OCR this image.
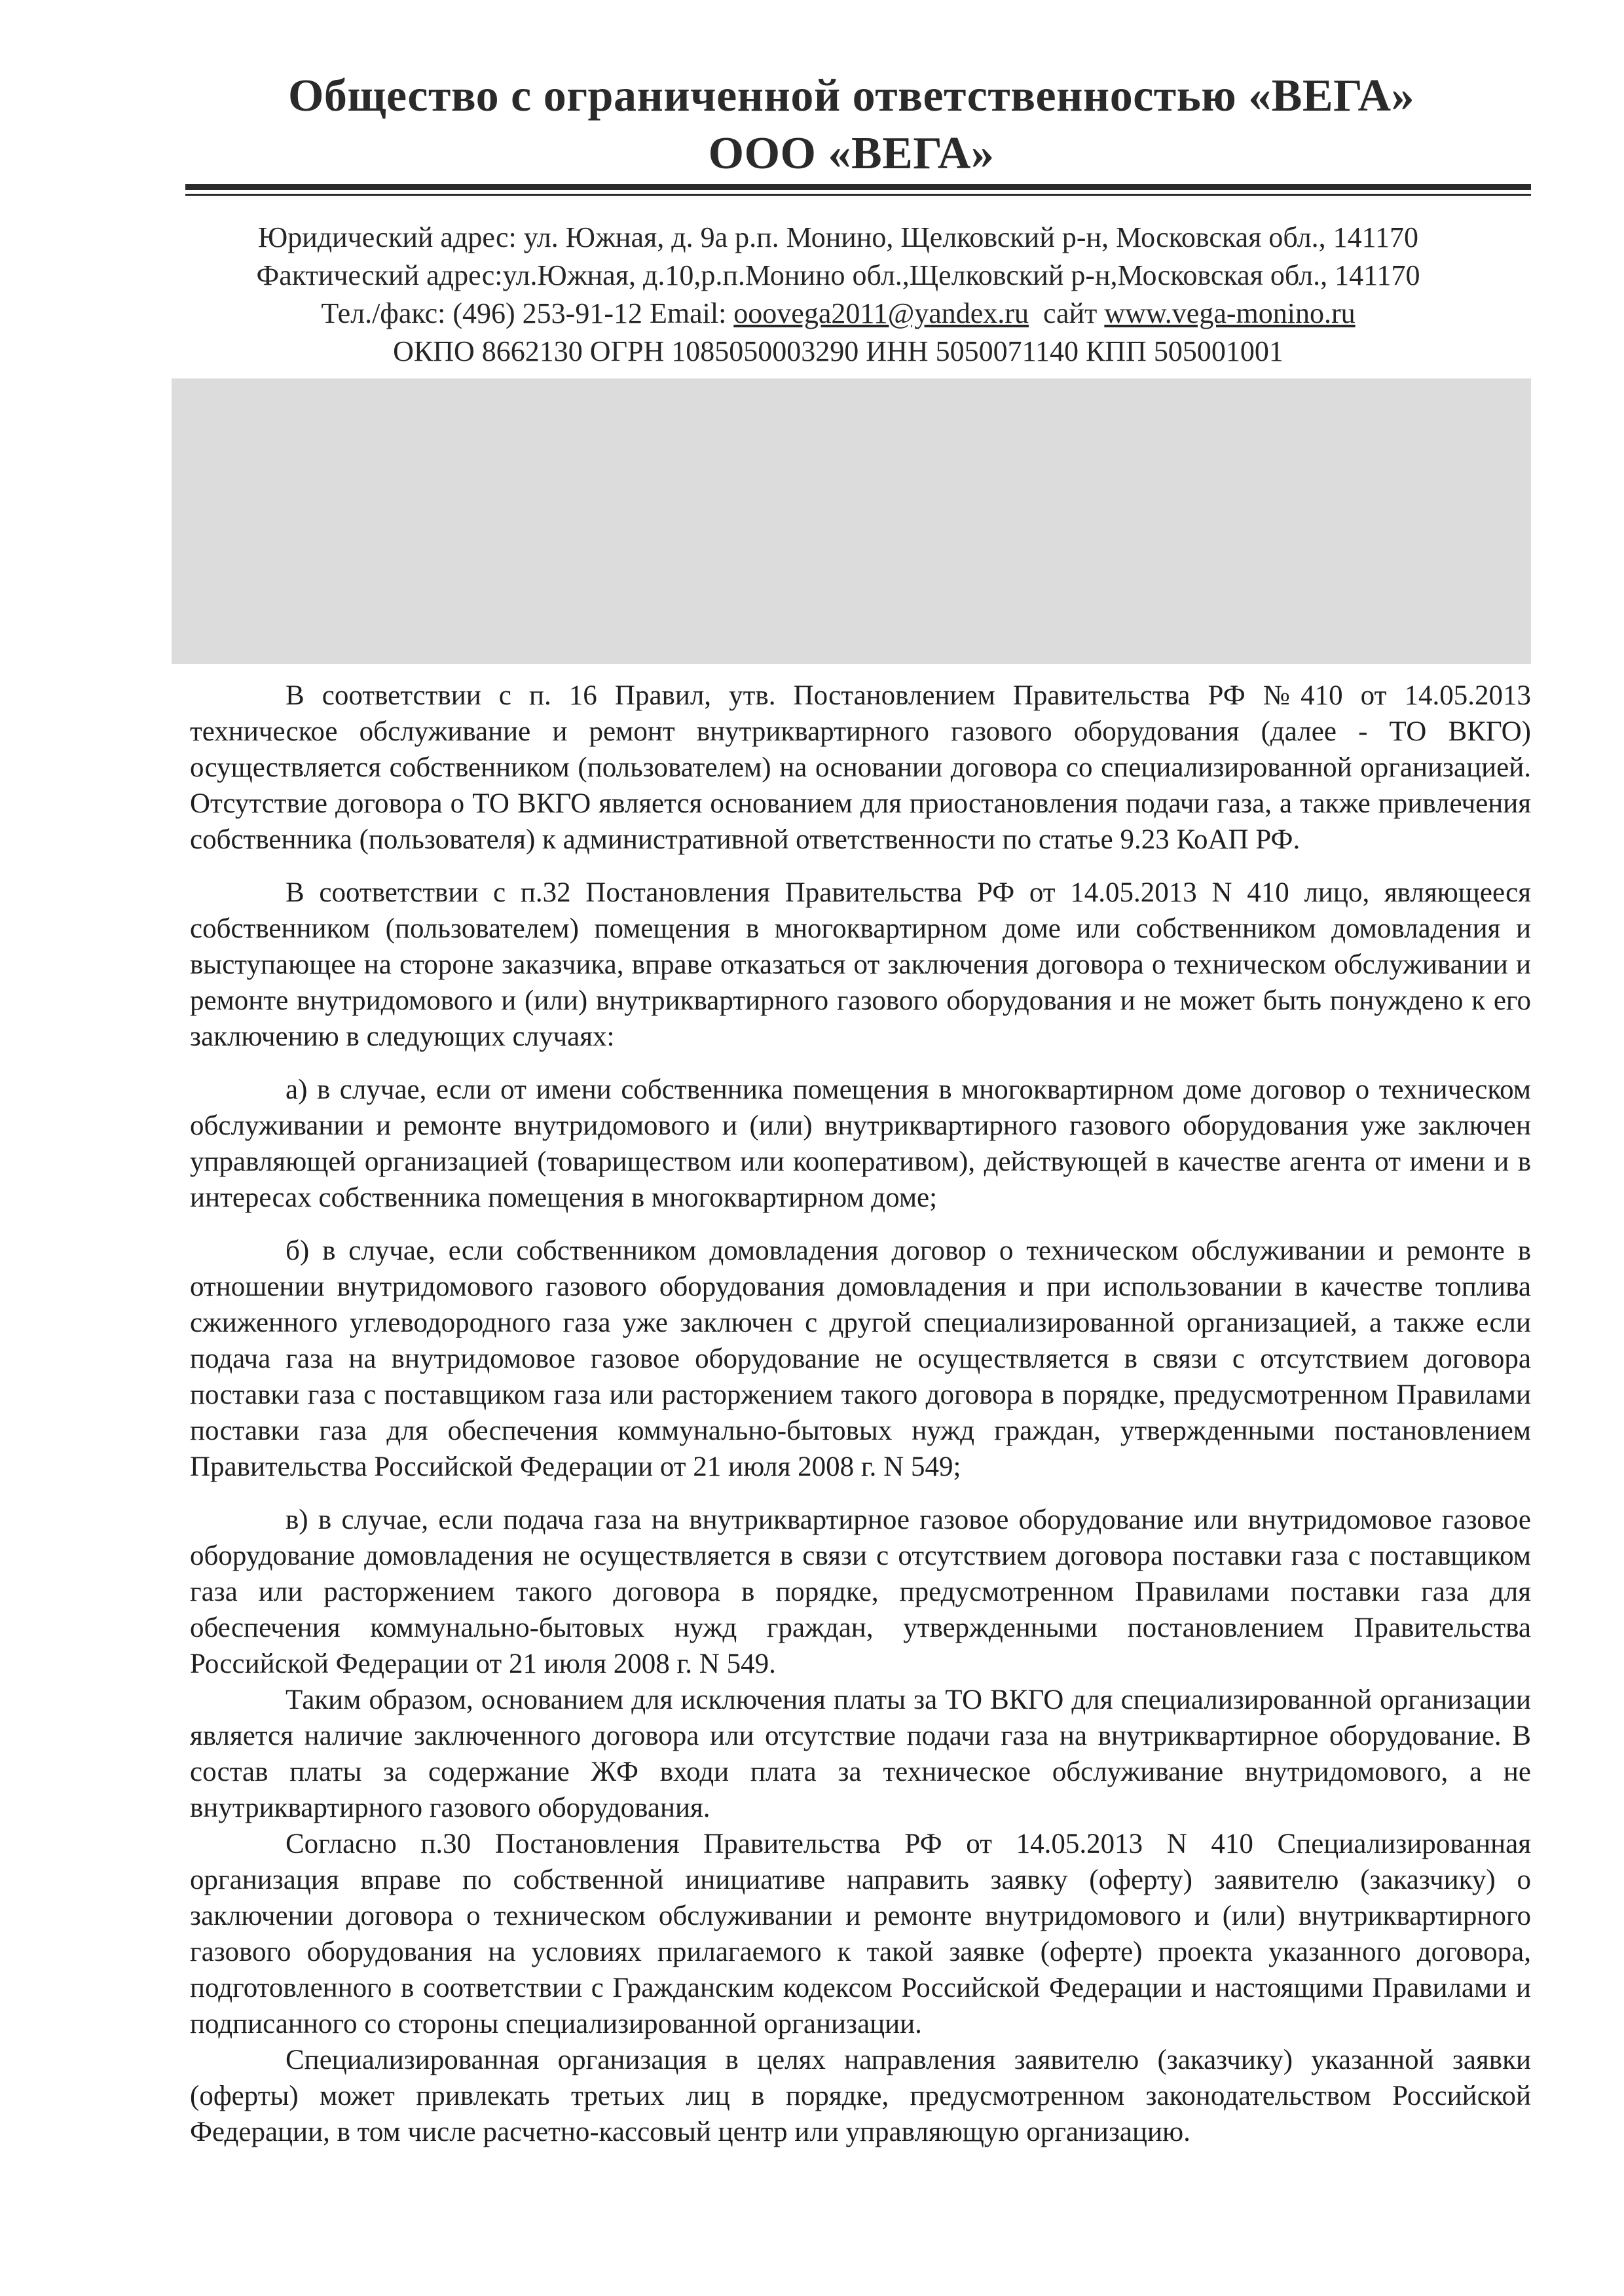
Общество с ограниченной ответственностью «ВЕГА»
ООО «ВЕГА»
Юридический адрес: ул. Южная, д. 9а р.п. Монино, Щелковский р-н, Московская обл., 141170
Фактический адрес:ул.Южная, д.10,р.п.Монино обл.,Щелковский р-н,Московская обл., 141170
Тел./факс: (496) 253-91-12 Email: ooovega2011@yandex.ru  сайт www.vega-monino.ru
ОКПО 8662130 ОГРН 1085050003290 ИНН 5050071140 КПП 505001001

В соответствии с п. 16 Правил, утв. Постановлением Правительства РФ №410 от 14.05.2013 техническое обслуживание и ремонт внутриквартирного газового оборудования (далее - ТО ВКГО) осуществляется собственником (пользователем) на основании договора со специализированной организацией. Отсутствие договора о ТО ВКГО является основанием для приостановления подачи газа, а также привлечения собственника (пользователя) к административной ответственности по статье 9.23 КоАП РФ.

В соответствии с п.32 Постановления Правительства РФ от 14.05.2013 N 410 лицо, являющееся собственником (пользователем) помещения в многоквартирном доме или собственником домовладения и выступающее на стороне заказчика, вправе отказаться от заключения договора о техническом обслуживании и ремонте внутридомового и (или) внутриквартирного газового оборудования и не может быть понуждено к его заключению в следующих случаях:

а) в случае, если от имени собственника помещения в многоквартирном доме договор о техническом обслуживании и ремонте внутридомового и (или) внутриквартирного газового оборудования уже заключен управляющей организацией (товариществом или кооперативом), действующей в качестве агента от имени и в интересах собственника помещения в многоквартирном доме;

б) в случае, если собственником домовладения договор о техническом обслуживании и ремонте в отношении внутридомового газового оборудования домовладения и при использовании в качестве топлива сжиженного углеводородного газа уже заключен с другой специализированной организацией, а также если подача газа на внутридомовое газовое оборудование не осуществляется в связи с отсутствием договора поставки газа с поставщиком газа или расторжением такого договора в порядке, предусмотренном Правилами поставки газа для обеспечения коммунально-бытовых нужд граждан, утвержденными постановлением Правительства Российской Федерации от 21 июля 2008 г. N 549;

в) в случае, если подача газа на внутриквартирное газовое оборудование или внутридомовое газовое оборудование домовладения не осуществляется в связи с отсутствием договора поставки газа с поставщиком газа или расторжением такого договора в порядке, предусмотренном Правилами поставки газа для обеспечения коммунально-бытовых нужд граждан, утвержденными постановлением Правительства Российской Федерации от 21 июля 2008 г. N 549.

Таким образом, основанием для исключения платы за ТО ВКГО для специализированной организации является наличие заключенного договора или отсутствие подачи газа на внутриквартирное оборудование. В состав платы за содержание ЖФ входи плата за техническое обслуживание внутридомового, а не внутриквартирного газового оборудования.

Согласно п.30 Постановления Правительства РФ от 14.05.2013 N 410 Специализированная организация вправе по собственной инициативе направить заявку (оферту) заявителю (заказчику) о заключении договора о техническом обслуживании и ремонте внутридомового и (или) внутриквартирного газового оборудования на условиях прилагаемого к такой заявке (оферте) проекта указанного договора, подготовленного в соответствии с Гражданским кодексом Российской Федерации и настоящими Правилами и подписанного со стороны специализированной организации.

Специализированная организация в целях направления заявителю (заказчику) указанной заявки (оферты) может привлекать третьих лиц в порядке, предусмотренном законодательством Российской Федерации, в том числе расчетно-кассовый центр или управляющую организацию.
